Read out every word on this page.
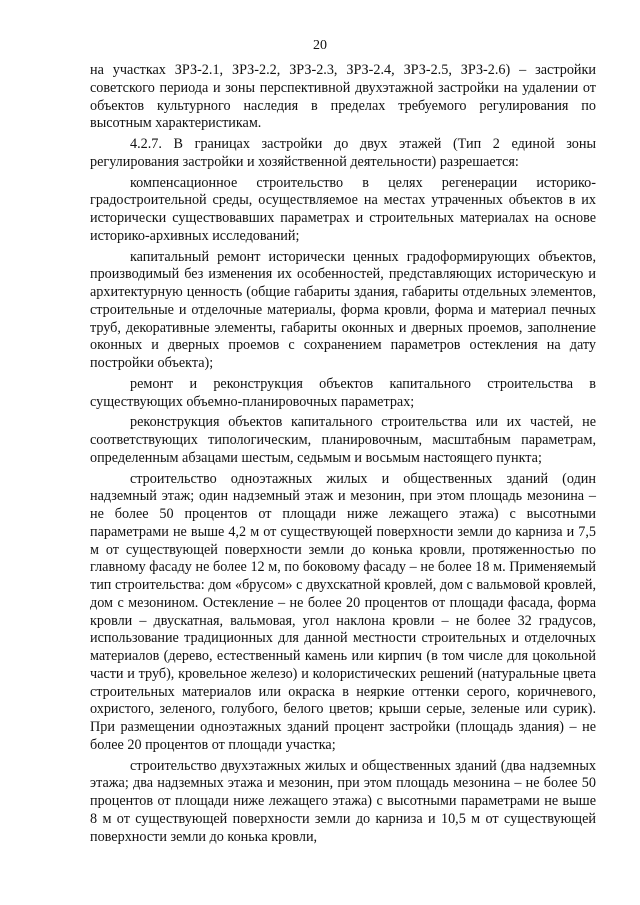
20

на участках ЗРЗ-2.1, ЗРЗ-2.2, ЗРЗ-2.3, ЗРЗ-2.4, ЗРЗ-2.5, ЗРЗ-2.6) – застройки советского периода и зоны перспективной двухэтажной застройки на удалении от объектов культурного наследия в пределах требуемого регулирования по высотным характеристикам.

4.2.7. В границах застройки до двух этажей (Тип 2 единой зоны регулирования застройки и хозяйственной деятельности) разрешается:

компенсационное строительство в целях регенерации историко-градостроительной среды, осуществляемое на местах утраченных объектов в их исторически существовавших параметрах и строительных материалах на основе историко-архивных исследований;

капитальный ремонт исторически ценных градоформирующих объектов, производимый без изменения их особенностей, представляющих историческую и архитектурную ценность (общие габариты здания, габариты отдельных элементов, строительные и отделочные материалы, форма кровли, форма и материал печных труб, декоративные элементы, габариты оконных и дверных проемов, заполнение оконных и дверных проемов с сохранением параметров остекления на дату постройки объекта);

ремонт и реконструкция объектов капитального строительства в существующих объемно-планировочных параметрах;

реконструкция объектов капитального строительства или их частей, не соответствующих типологическим, планировочным, масштабным параметрам, определенным абзацами шестым, седьмым и восьмым настоящего пункта;

строительство одноэтажных жилых и общественных зданий (один надземный этаж; один надземный этаж и мезонин, при этом площадь мезонина – не более 50 процентов от площади ниже лежащего этажа) с высотными параметрами не выше 4,2 м от существующей поверхности земли до карниза и 7,5 м от существующей поверхности земли до конька кровли, протяженностью по главному фасаду не более 12 м, по боковому фасаду – не более 18 м. Применяемый тип строительства: дом «брусом» с двухскатной кровлей, дом с вальмовой кровлей, дом с мезонином. Остекление – не более 20 процентов от площади фасада, форма кровли – двускатная, вальмовая, угол наклона кровли – не более 32 градусов, использование традиционных для данной местности строительных и отделочных материалов (дерево, естественный камень или кирпич (в том числе для цокольной части и труб), кровельное железо) и колористических решений (натуральные цвета строительных материалов или окраска в неяркие оттенки серого, коричневого, охристого, зеленого, голубого, белого цветов; крыши серые, зеленые или сурик). При размещении одноэтажных зданий процент застройки (площадь здания) – не более 20 процентов от площади участка;

строительство двухэтажных жилых и общественных зданий (два надземных этажа; два надземных этажа и мезонин, при этом площадь мезонина – не более 50 процентов от площади ниже лежащего этажа) с высотными параметрами не выше 8 м от существующей поверхности земли до карниза и 10,5 м от существующей поверхности земли до конька кровли,
